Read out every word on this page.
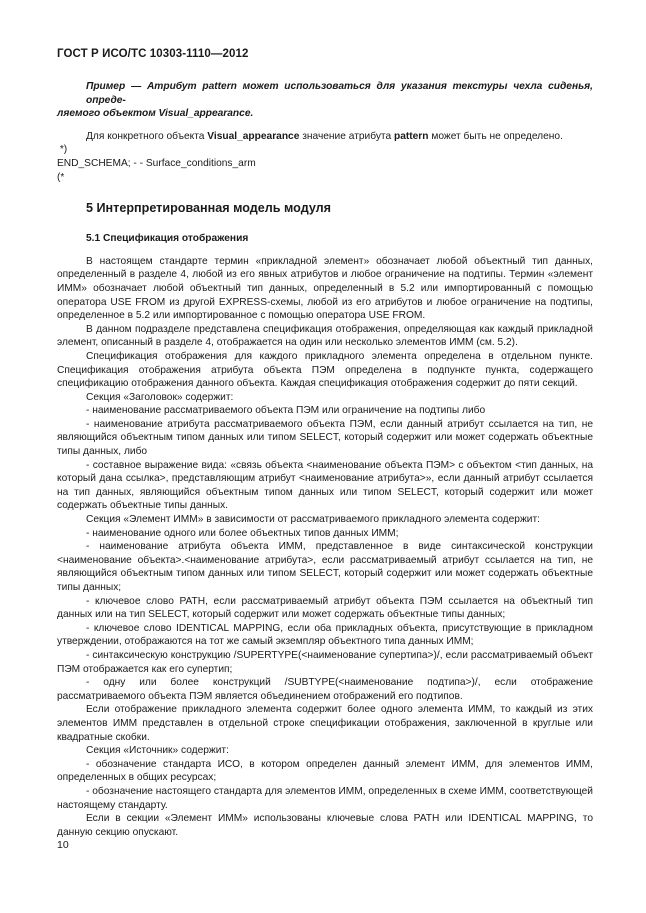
ГОСТ Р ИСО/ТС 10303-1110—2012

Пример — Атрибут pattern может использоваться для указания текстуры чехла сиденья, опреде-

ляемого объектом Visual_appearance.

Для конкретного объекта Visual_appearance значение атрибута pattern может быть не определено.

*)

END_SCHEMA; - - Surface_conditions_arm

(*

5 Интерпретированная модель модуля
5.1 Спецификация отображения

В настоящем стандарте термин «прикладной элемент» обозначает любой объектный тип данных, определенный в разделе 4, любой из его явных атрибутов и любое ограничение на подтипы. Термин «элемент ИММ» обозначает любой объектный тип данных, определенный в 5.2 или импортированный с помощью оператора USE FROM из другой EXPRESS-схемы, любой из его атрибутов и любое ограничение на подтипы, определенное в 5.2 или импортированное с помощью оператора USE FROM.

В данном подразделе представлена спецификация отображения, определяющая как каждый прикладной элемент, описанный в разделе 4, отображается на один или несколько элементов ИММ (см. 5.2).

Спецификация отображения для каждого прикладного элемента определена в отдельном пункте. Спецификация отображения атрибута объекта ПЭМ определена в подпункте пункта, содержащего спецификацию отображения данного объекта. Каждая спецификация отображения содержит до пяти секций.

Секция «Заголовок» содержит:

- наименование рассматриваемого объекта ПЭМ или ограничение на подтипы либо

- наименование атрибута рассматриваемого объекта ПЭМ, если данный атрибут ссылается на тип, не являющийся объектным типом данных или типом SELECT, который содержит или может содержать объектные типы данных, либо

- составное выражение вида: «связь объекта <наименование объекта ПЭМ> с объектом <тип данных, на который дана ссылка>, представляющим атрибут <наименование атрибута>», если данный атрибут ссылается на тип данных, являющийся объектным типом данных или типом SELECT, который содержит или может содержать объектные типы данных.

Секция «Элемент ИММ» в зависимости от рассматриваемого прикладного элемента содержит:

- наименование одного или более объектных типов данных ИММ;

- наименование атрибута объекта ИММ, представленное в виде синтаксической конструкции <наименование объекта>.<наименование атрибута>, если рассматриваемый атрибут ссылается на тип, не являющийся объектным типом данных или типом SELECT, который содержит или может содержать объектные типы данных;

- ключевое слово PATH, если рассматриваемый атрибут объекта ПЭМ ссылается на объектный тип данных или на тип SELECT, который содержит или может содержать объектные типы данных;

- ключевое слово IDENTICAL MAPPING, если оба прикладных объекта, присутствующие в прикладном утверждении, отображаются на тот же самый экземпляр объектного типа данных ИММ;

- синтаксическую конструкцию /SUPERTYPE(<наименование супертипа>)/, если рассматриваемый объект ПЭМ отображается как его супертип;

- одну или более конструкций /SUBTYPE(<наименование подтипа>)/, если отображение рассматриваемого объекта ПЭМ является объединением отображений его подтипов.

Если отображение прикладного элемента содержит более одного элемента ИММ, то каждый из этих элементов ИММ представлен в отдельной строке спецификации отображения, заключенной в круглые или квадратные скобки.

Секция «Источник» содержит:

- обозначение стандарта ИСО, в котором определен данный элемент ИММ, для элементов ИММ, определенных в общих ресурсах;

- обозначение настоящего стандарта для элементов ИММ, определенных в схеме ИММ, соответствующей настоящему стандарту.

Если в секции «Элемент ИММ» использованы ключевые слова PATH или IDENTICAL MAPPING, то данную секцию опускают.

10
